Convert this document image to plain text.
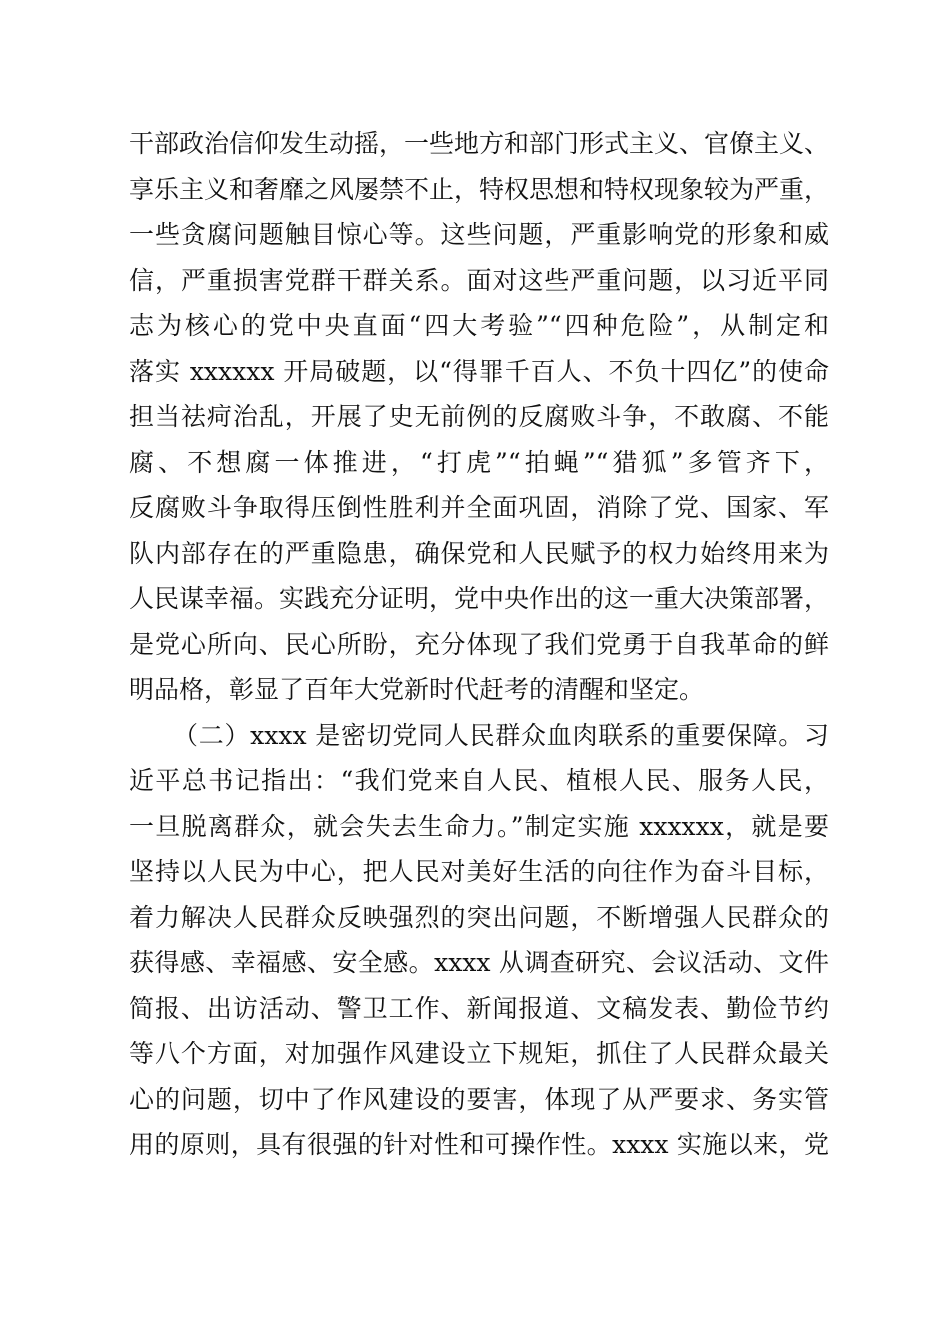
干部政治信仰发生动摇，一些地方和部门形式主义、官僚主义、
享乐主义和奢靡之风屡禁不止，特权思想和特权现象较为严重，
一些贪腐问题触目惊心等。这些问题，严重影响党的形象和威
信，严重损害党群干群关系。面对这些严重问题，以习近平同
志为核心的党中央直面“四大考验”“四种危险”，从制定和
落实 xxxxxx 开局破题，以“得罪千百人、不负十四亿”的使命
担当祛疴治乱，开展了史无前例的反腐败斗争，不敢腐、不能
腐、不想腐一体推进，“打虎”“拍蝇”“猎狐”多管齐下，
反腐败斗争取得压倒性胜利并全面巩固，消除了党、国家、军
队内部存在的严重隐患，确保党和人民赋予的权力始终用来为
人民谋幸福。实践充分证明，党中央作出的这一重大决策部署，
是党心所向、民心所盼，充分体现了我们党勇于自我革命的鲜
明品格，彰显了百年大党新时代赶考的清醒和坚定。
（二）xxxx 是密切党同人民群众血肉联系的重要保障。习
近平总书记指出：“我们党来自人民、植根人民、服务人民，
一旦脱离群众，就会失去生命力。”制定实施 xxxxxx，就是要
坚持以人民为中心，把人民对美好生活的向往作为奋斗目标，
着力解决人民群众反映强烈的突出问题，不断增强人民群众的
获得感、幸福感、安全感。xxxx 从调查研究、会议活动、文件
简报、出访活动、警卫工作、新闻报道、文稿发表、勤俭节约
等八个方面，对加强作风建设立下规矩，抓住了人民群众最关
心的问题，切中了作风建设的要害，体现了从严要求、务实管
用的原则，具有很强的针对性和可操作性。xxxx 实施以来，党
